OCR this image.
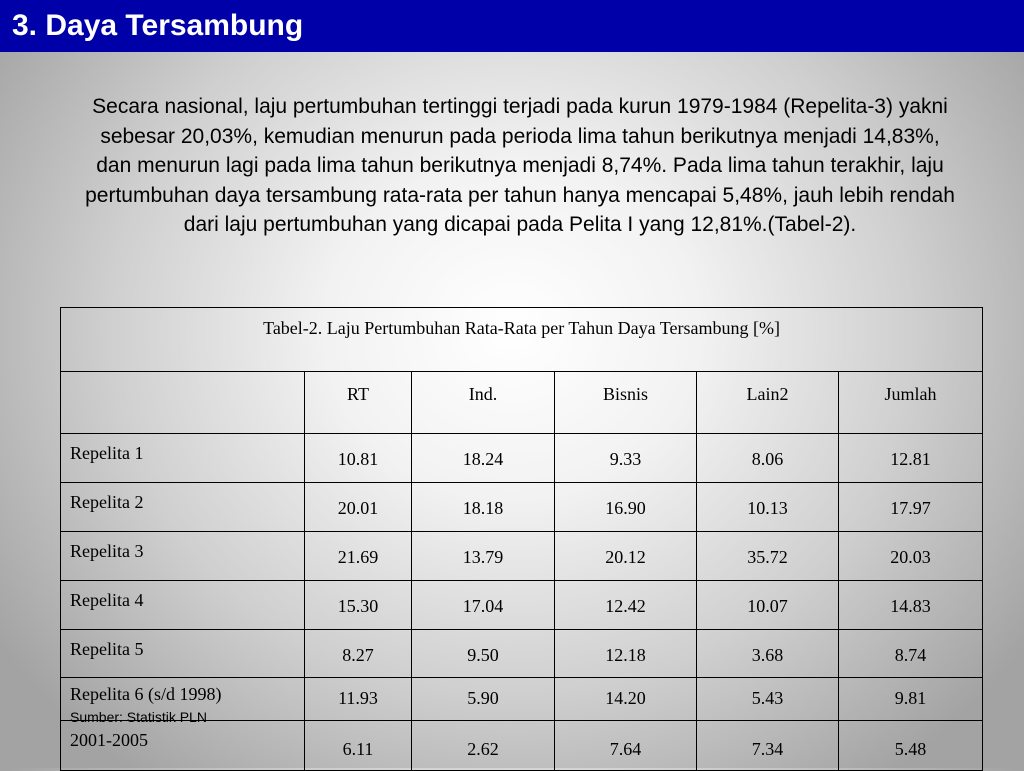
3. Daya Tersambung
Secara nasional, laju pertumbuhan tertinggi terjadi pada kurun 1979-1984 (Repelita-3) yakni sebesar 20,03%, kemudian menurun pada perioda lima tahun berikutnya menjadi 14,83%, dan menurun lagi pada lima tahun berikutnya menjadi 8,74%. Pada lima tahun terakhir, laju pertumbuhan daya tersambung rata-rata per tahun hanya mencapai 5,48%, jauh lebih rendah dari laju pertumbuhan yang dicapai pada Pelita I yang 12,81%.(Tabel-2).
Tabel-2. Laju Pertumbuhan Rata-Rata per Tahun Daya Tersambung [%]					
	RT	Ind.	Bisnis	Lain2	Jumlah
Repelita 1	10.81	18.24	9.33	8.06	12.81
Repelita 2	20.01	18.18	16.90	10.13	17.97
Repelita 3	21.69	13.79	20.12	35.72	20.03
Repelita 4	15.30	17.04	12.42	10.07	14.83
Repelita 5	8.27	9.50	12.18	3.68	8.74
Repelita 6 (s/d 1998)	11.93	5.90	14.20	5.43	9.81
2001-2005	6.11	2.62	7.64	7.34	5.48
Sumber: Statistik PLN
